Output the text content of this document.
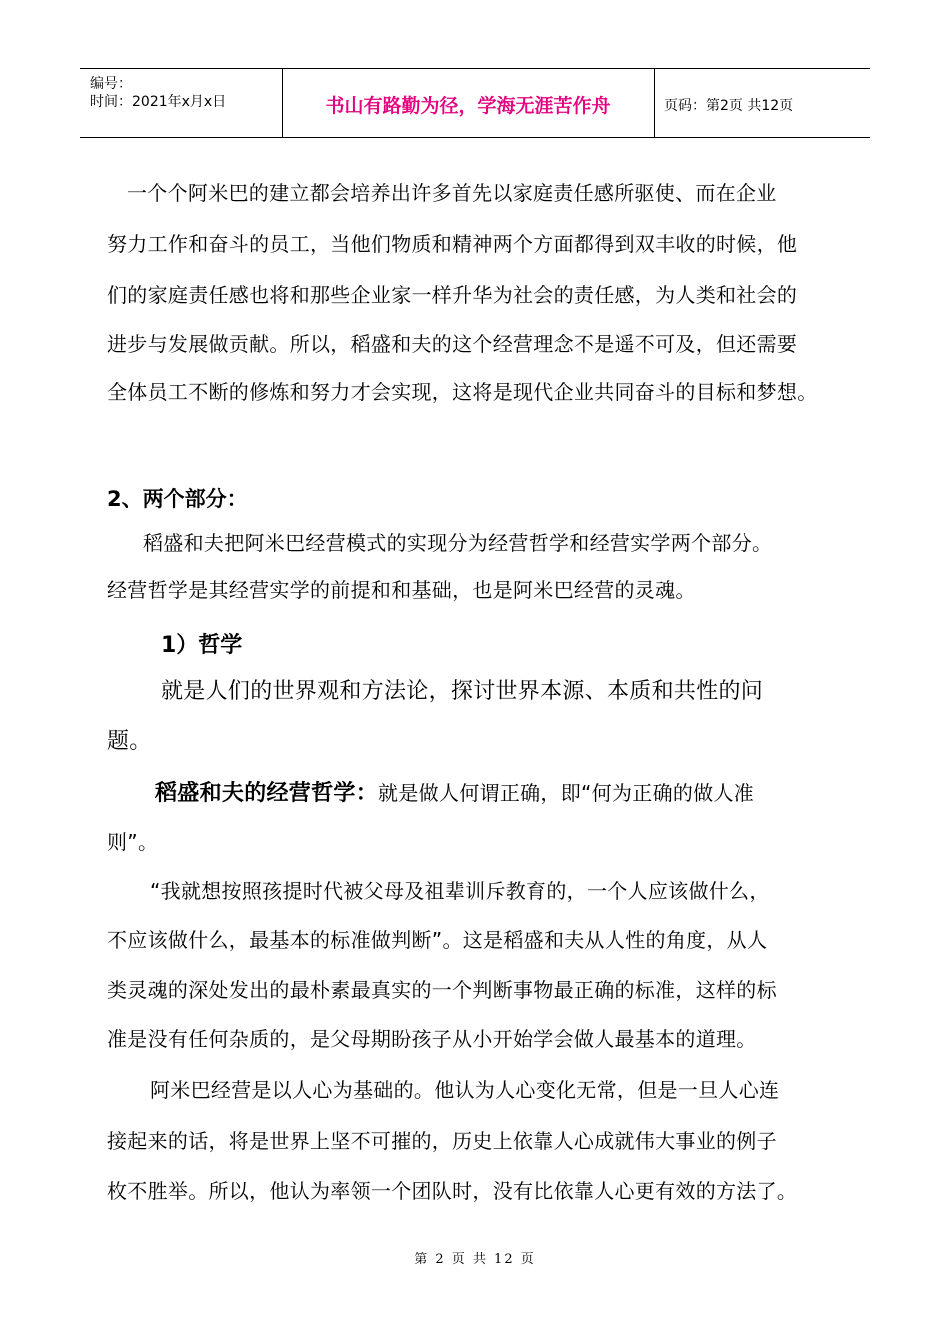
编号：
时间：2021年x月x日	书山有路勤为径，学海无涯苦作舟	页码：第2页 共12页
一个个阿米巴的建立都会培养出许多首先以家庭责任感所驱使、而在企业
努力工作和奋斗的员工，当他们物质和精神两个方面都得到双丰收的时候，他
们的家庭责任感也将和那些企业家一样升华为社会的责任感，为人类和社会的
进步与发展做贡献。所以，稻盛和夫的这个经营理念不是遥不可及，但还需要
全体员工不断的修炼和努力才会实现，这将是现代企业共同奋斗的目标和梦想。
2、两个部分：
稻盛和夫把阿米巴经营模式的实现分为经营哲学和经营实学两个部分。
经营哲学是其经营实学的前提和和基础，也是阿米巴经营的灵魂。
1）哲学
就是人们的世界观和方法论，探讨世界本源、本质和共性的问
题。
稻盛和夫的经营哲学：就是做人何谓正确，即“何为正确的做人准
则”。
“我就想按照孩提时代被父母及祖辈训斥教育的，一个人应该做什么，
不应该做什么，最基本的标准做判断”。这是稻盛和夫从人性的角度，从人
类灵魂的深处发出的最朴素最真实的一个判断事物最正确的标准，这样的标
准是没有任何杂质的，是父母期盼孩子从小开始学会做人最基本的道理。
阿米巴经营是以人心为基础的。他认为人心变化无常，但是一旦人心连
接起来的话，将是世界上坚不可摧的，历史上依靠人心成就伟大事业的例子
枚不胜举。所以，他认为率领一个团队时，没有比依靠人心更有效的方法了。
第 2 页 共 12 页
